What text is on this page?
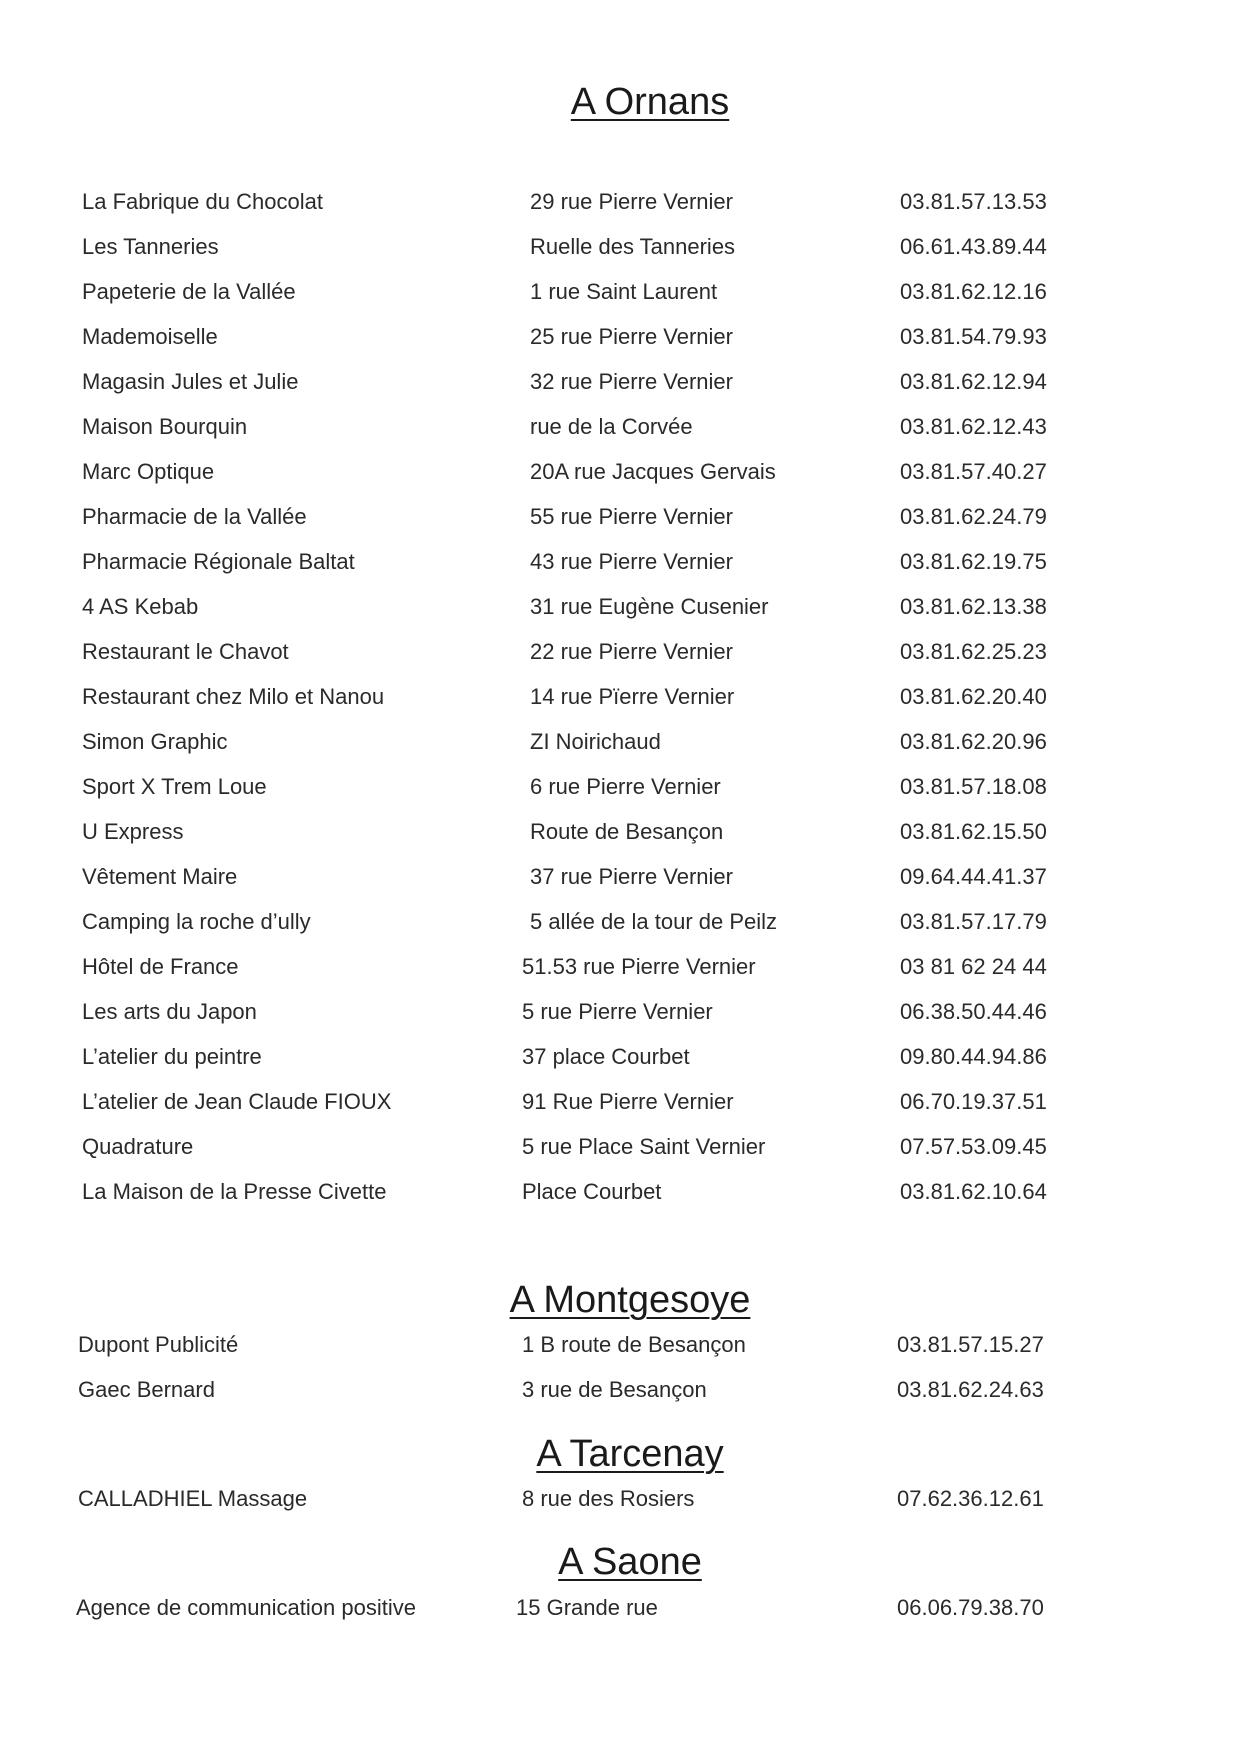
A Ornans
A Montgesoye
A Tarcenay
A Saone
La Fabrique du Chocolat	29 rue Pierre Vernier	03.81.57.13.53
Les Tanneries	Ruelle des Tanneries	06.61.43.89.44
Papeterie de la Vallée	1 rue Saint Laurent	03.81.62.12.16
Mademoiselle	25 rue Pierre Vernier	03.81.54.79.93
Magasin Jules et Julie	32 rue Pierre Vernier	03.81.62.12.94
Maison Bourquin	rue de la Corvée	03.81.62.12.43
Marc Optique	20A rue Jacques Gervais	03.81.57.40.27
Pharmacie de la Vallée	55 rue Pierre Vernier	03.81.62.24.79
Pharmacie Régionale Baltat	43 rue Pierre Vernier	03.81.62.19.75
4 AS Kebab	31 rue Eugène Cusenier	03.81.62.13.38
Restaurant le Chavot	22 rue Pierre Vernier	03.81.62.25.23
Restaurant chez Milo et Nanou	14 rue Pïerre Vernier	03.81.62.20.40
Simon Graphic	ZI Noirichaud	03.81.62.20.96
Sport X Trem Loue	6 rue Pierre Vernier	03.81.57.18.08
U Express	Route de Besançon	03.81.62.15.50
Vêtement Maire	37 rue Pierre Vernier	09.64.44.41.37
Camping la roche d’ully	5 allée de la tour de Peilz	03.81.57.17.79
Hôtel de France	51.53 rue Pierre Vernier	03 81 62 24 44
Les arts du Japon	5 rue Pierre Vernier	06.38.50.44.46
L’atelier du peintre	37 place Courbet	09.80.44.94.86
L’atelier de Jean Claude FIOUX	91 Rue Pierre Vernier	06.70.19.37.51
Quadrature	5 rue Place Saint Vernier	07.57.53.09.45
La Maison de la Presse Civette	Place Courbet	03.81.62.10.64
Dupont Publicité	1 B route de Besançon	03.81.57.15.27
Gaec Bernard	3 rue de Besançon	03.81.62.24.63
CALLADHIEL Massage	8 rue des Rosiers	07.62.36.12.61
Agence de communication positive	15 Grande rue	06.06.79.38.70
